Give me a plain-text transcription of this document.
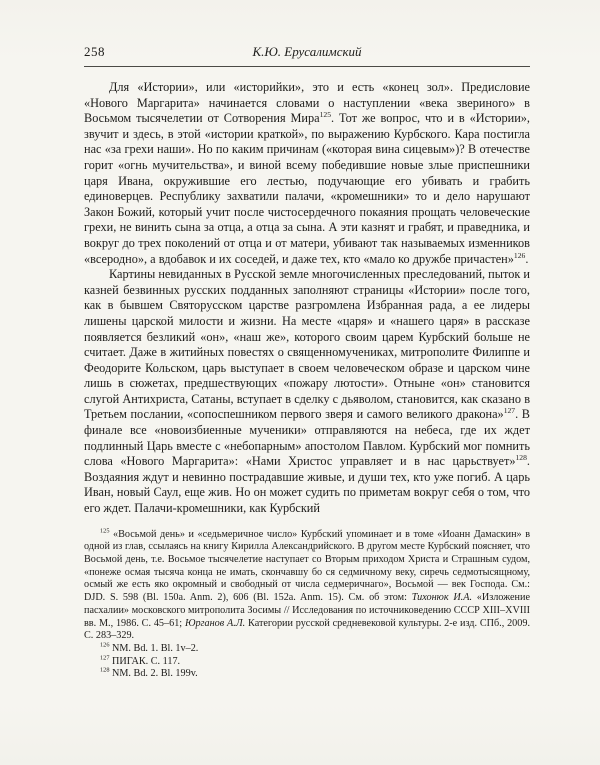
258	К.Ю. Ерусалимский

Для «Истории», или «историйки», это и есть «конец зол». Предисловие «Нового Маргарита» начинается словами о наступлении «века звериного» в Восьмом тысячелетии от Сотворения Мира$^{125}$. Тот же вопрос, что и в «Истории», звучит и здесь, в этой «истории краткой», по выражению Курбского. Кара постигла нас «за грехи наши». Но по каким причинам («которая вина сицевым»)? В отечестве горит «огнь мучительства», и виной всему победившие новые злые приспешники царя Ивана, окружившие его лестью, подучающие его убивать и грабить единоверцев. Республику захватили палачи, «кромешники» то и дело нарушают Закон Божий, который учит после чистосердечного покаяния прощать человеческие грехи, не винить сына за отца, а отца за сына. А эти казнят и грабят, и праведника, и вокруг до трех поколений от отца и от матери, убивают так называемых изменников «всеродно», а вдобавок и их соседей, и даже тех, кто «мало ко дружбе причастен»$^{126}$.

Картины невиданных в Русской земле многочисленных преследований, пыток и казней безвинных русских подданных заполняют страницы «Истории» после того, как в бывшем Святорусском царстве разгромлена Избранная рада, а ее лидеры лишены царской милости и жизни. На месте «царя» и «нашего царя» в рассказе появляется безликий «он», «наш же», которого своим царем Курбский больше не считает. Даже в житийных повестях о священномучениках, митрополите Филиппе и Феодорите Кольском, царь выступает в своем человеческом образе и царском чине лишь в сюжетах, предшествующих «пожару лютости». Отныне «он» становится слугой Антихриста, Сатаны, вступает в сделку с дьяволом, становится, как сказано в Третьем послании, «сопоспешником первого зверя и самого великого дракона»$^{127}$. В финале все «новоизбиенные мученики» отправляются на небеса, где их ждет подлинный Царь вместе с «небопарным» апостолом Павлом. Курбский мог помнить слова «Нового Маргарита»: «Нами Христос управляет и в нас царьствует»$^{128}$. Воздаяния ждут и невинно пострадавшие живые, и души тех, кто уже погиб. А царь Иван, новый Саул, еще жив. Но он может судить по приметам вокруг себя о том, что его ждет. Палачи-кромешники, как Курбский

$^{125}$ «Восьмой день» и «седьмеричное число» Курбский упоминает и в томе «Иоанн Дамаскин» в одной из глав, ссылаясь на книгу Кирилла Александрийского. В другом месте Курбский поясняет, что Восьмой день, т.е. Восьмое тысячелетие наступает со Вторым приходом Христа и Страшным судом, «понеже осмая тысяча конца не имать, скончавшу бо ся седмичному веку, сиречь седмотысящному, осмый же есть яко окромный и свободный от числа седмеричнаго», Восьмой — век Господа. См.: DJD. S. 598 (Bl. 150a. Anm. 2), 606 (Bl. 152a. Anm. 15). См. об этом: Тихонюк И.А. «Изложение пасхалии» московского митрополита Зосимы // Исследования по источниковедению СССР XIII–XVIII вв. М., 1986. С. 45–61; Юрганов А.Л. Категории русской средневековой культуры. 2-е изд. СПб., 2009. С. 283–329.

$^{126}$ NM. Bd. 1. Bl. 1v–2.

$^{127}$ ПИГАК. С. 117.

$^{128}$ NM. Bd. 2. Bl. 199v.
